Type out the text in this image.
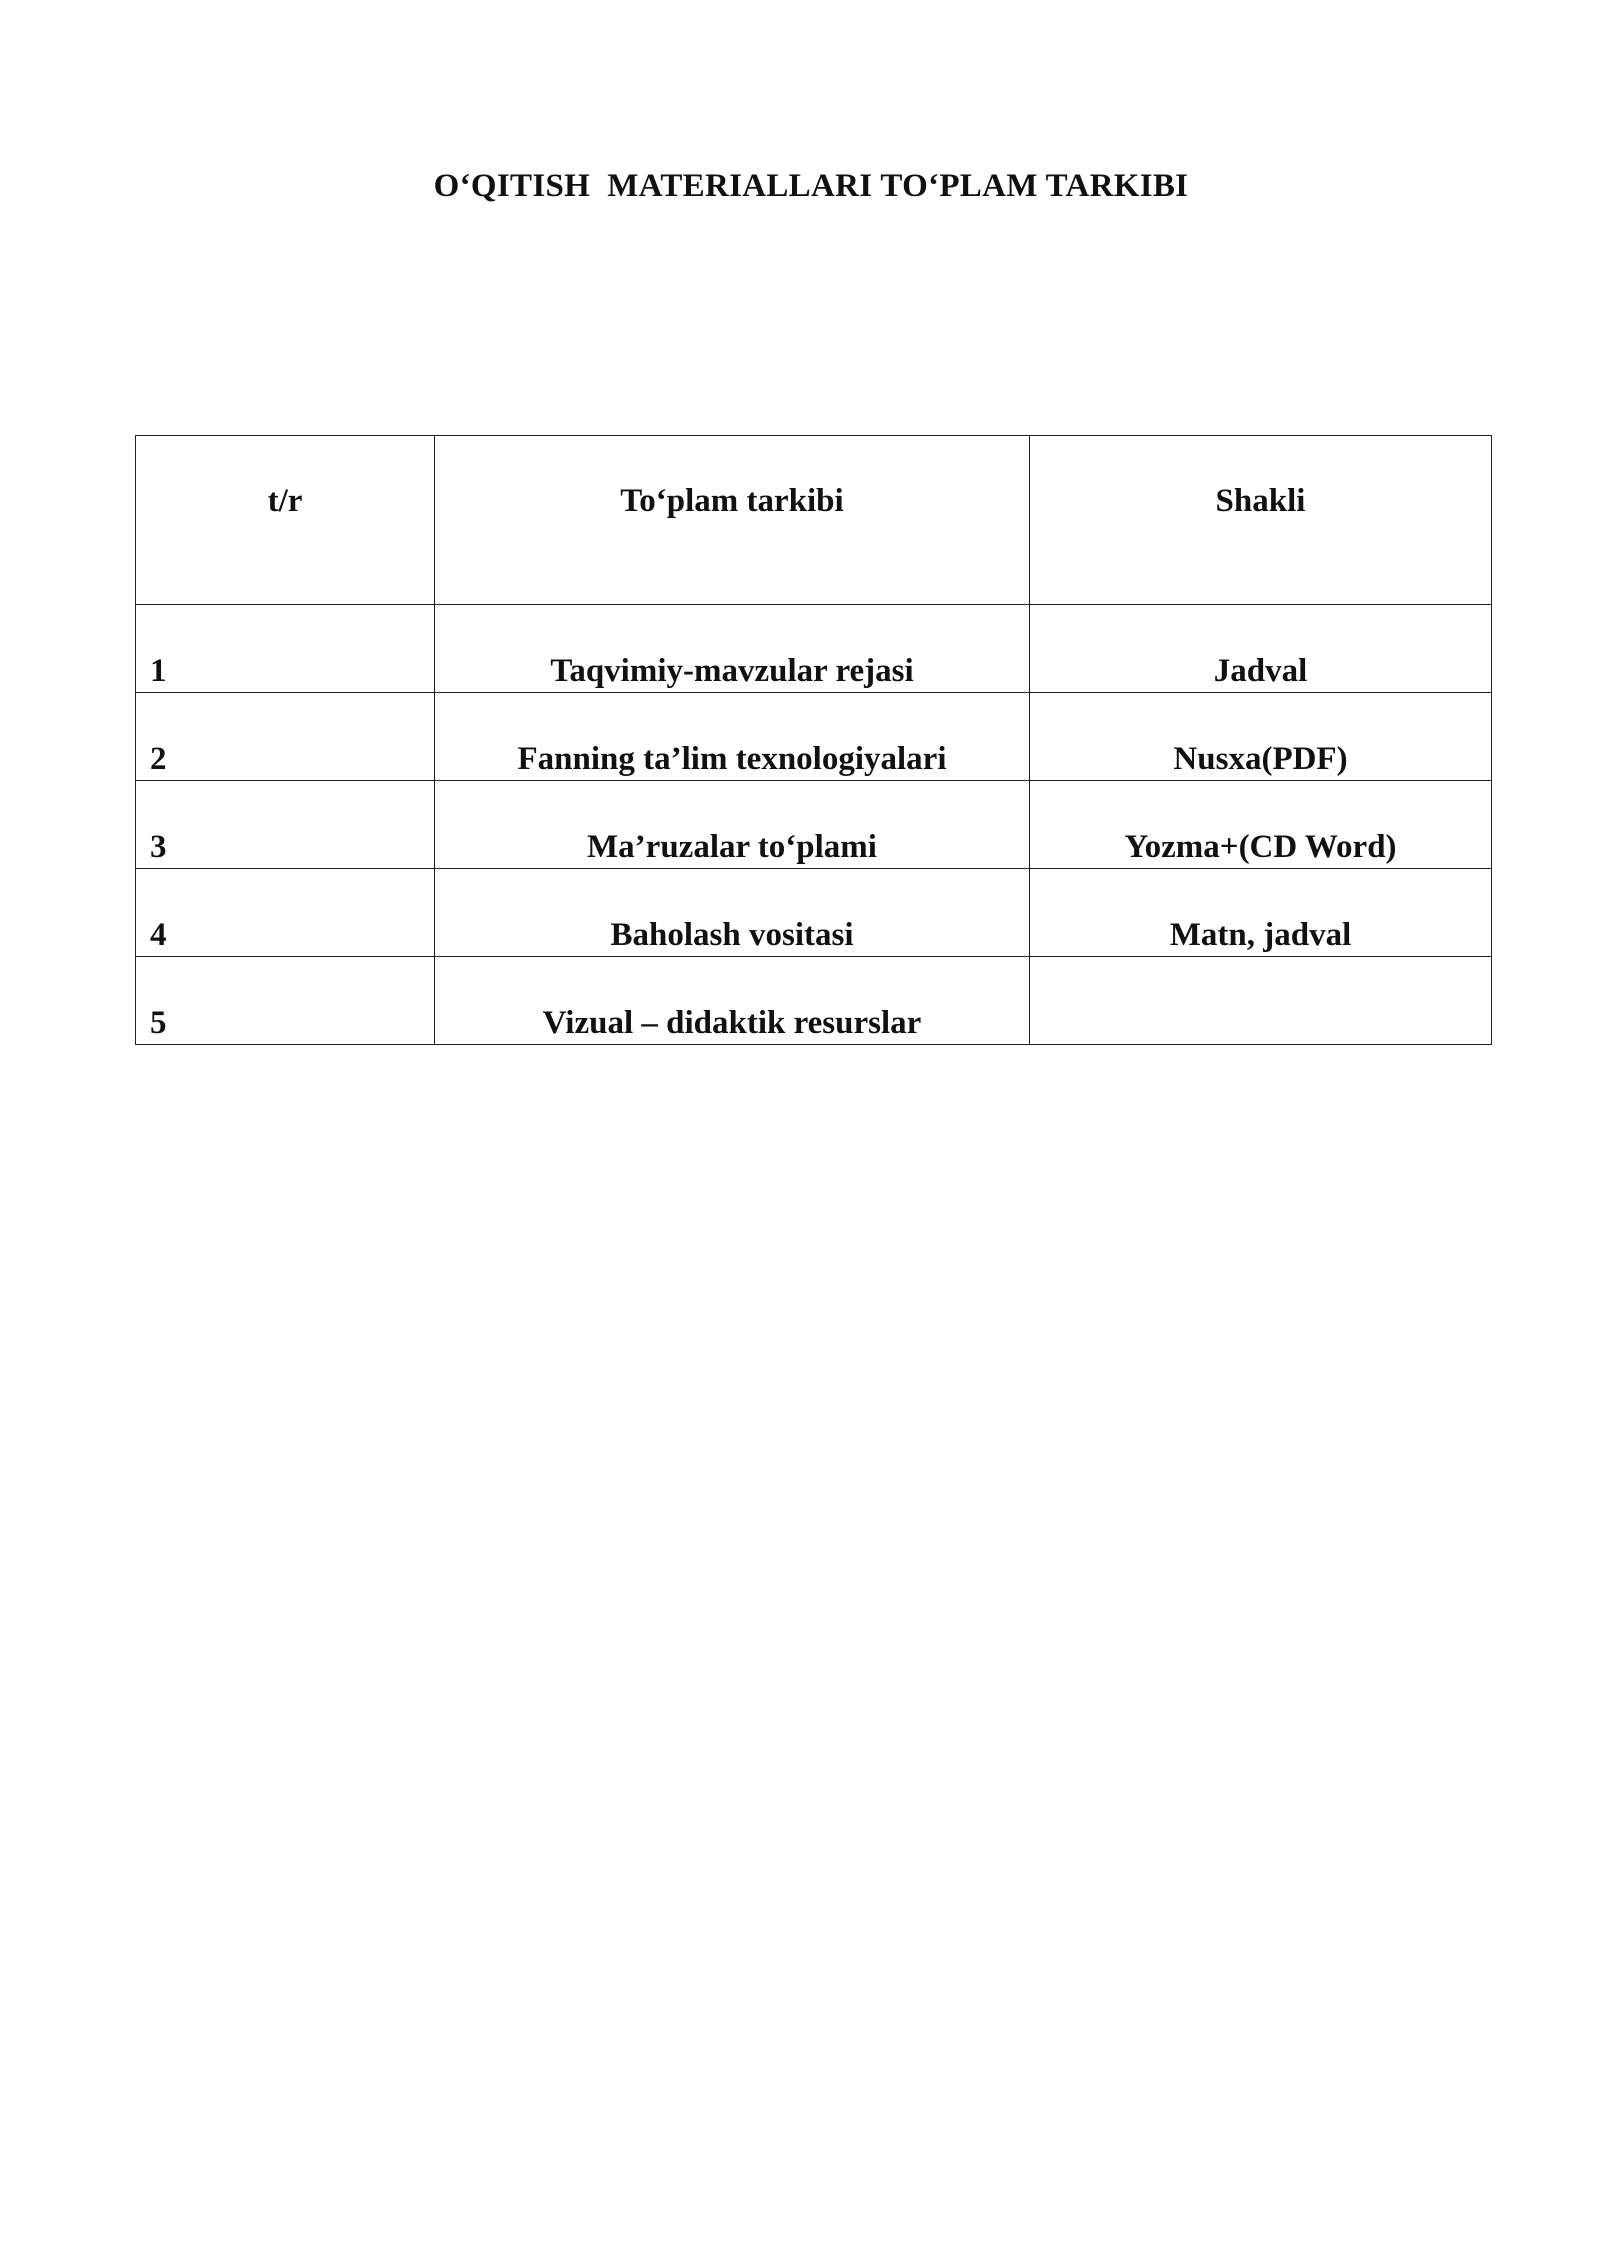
O‘QITISH  MATERIALLARI TO‘PLAM TARKIBI
t/r	To‘plam tarkibi	Shakli
1	Taqvimiy-mavzular rejasi	Jadval
2	Fanning ta’lim texnologiyalari	Nusxa(PDF)
3	Ma’ruzalar to‘plami	Yozma+(CD Word)
4	Baholash vositasi	Matn, jadval
5	Vizual – didaktik resurslar	
